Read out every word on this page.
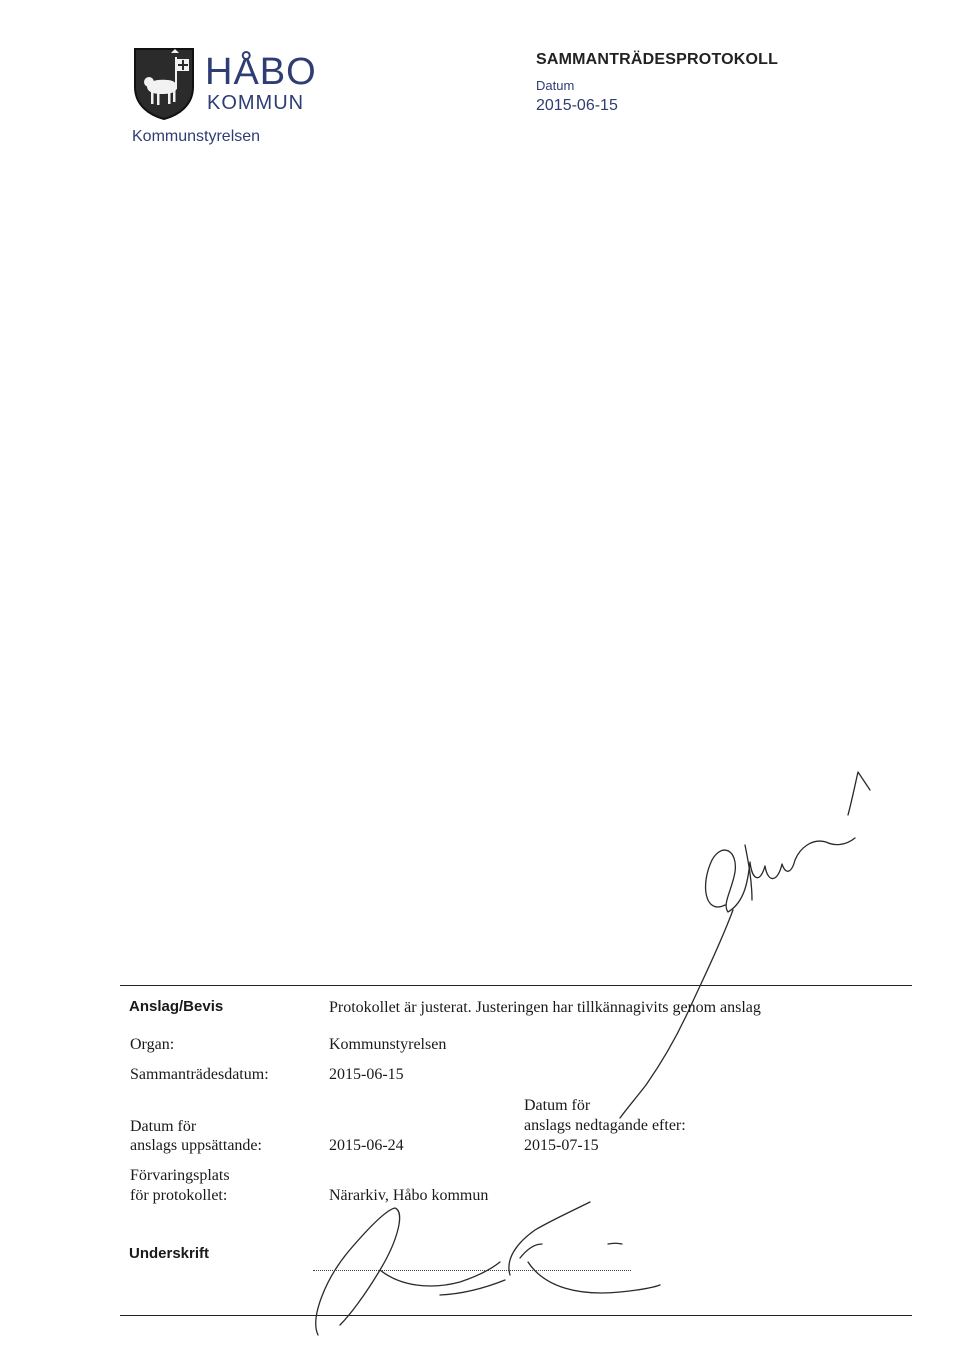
HÅBO
KOMMUN
Kommunstyrelsen
SAMMANTRÄDESPROTOKOLL
Datum
2015-06-15
Anslag/Bevis	Protokollet är justerat. Justeringen har tillkännagivits genom anslag
Organ:	Kommunstyrelsen
Sammanträdesdatum:	2015-06-15
Datum för
anslags uppsättande:	2015-06-24
Datum för
anslags nedtagande efter:
2015-07-15
Förvaringsplats
för protokollet:	Närarkiv, Håbo kommun
Underskrift
